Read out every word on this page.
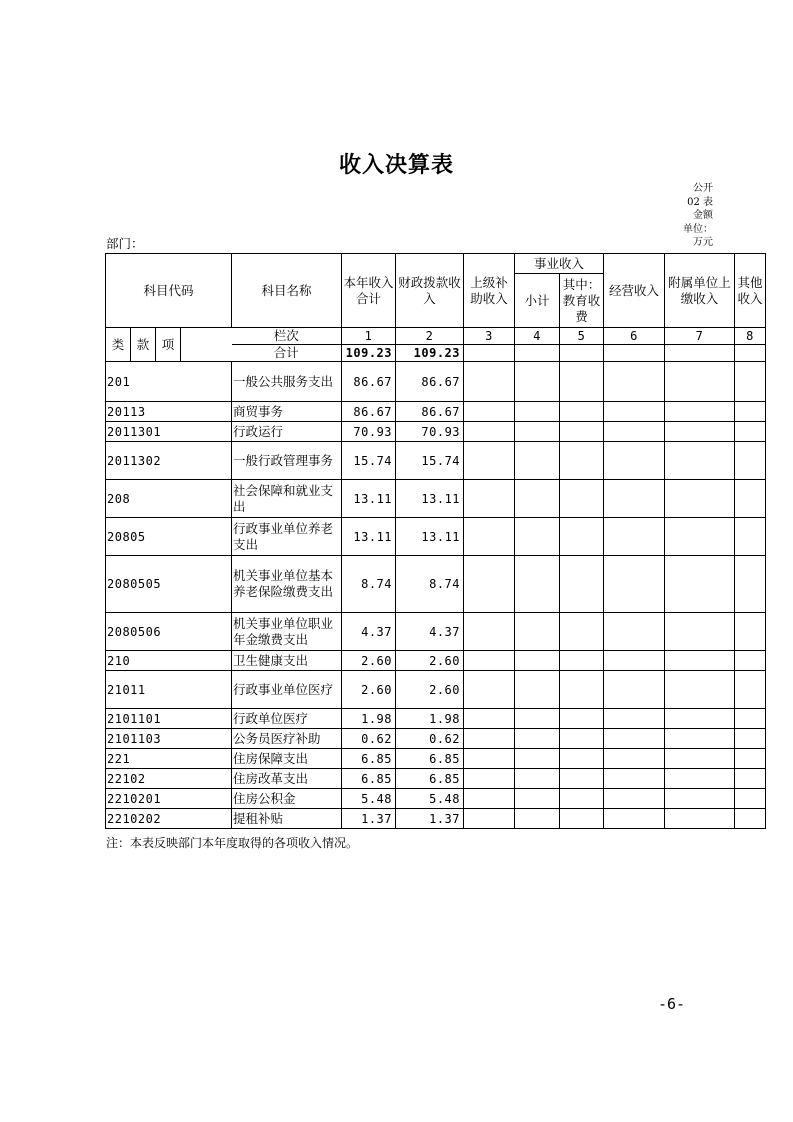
收入决算表
公开
02 表
金额
单位：
万元
部门：
科目代码				科目名称	本年收入合计	财政拨款收入	上级补助收入	事业收入		经营收入	附属单位上缴收入	其他收入
								小计	其中：教育收费			
类	款	项		栏次	1	2	3	4	5	6	7	8
				合计	109.23	109.23						
201				一般公共服务支出	86.67	86.67						
20113				商贸事务	86.67	86.67						
2011301				行政运行	70.93	70.93						
2011302				一般行政管理事务	15.74	15.74						
208				社会保障和就业支出	13.11	13.11						
20805				行政事业单位养老支出	13.11	13.11						
2080505				机关事业单位基本养老保险缴费支出	8.74	8.74						
2080506				机关事业单位职业年金缴费支出	4.37	4.37						
210				卫生健康支出	2.60	2.60						
21011				行政事业单位医疗	2.60	2.60						
2101101				行政单位医疗	1.98	1.98						
2101103				公务员医疗补助	0.62	0.62						
221				住房保障支出	6.85	6.85						
22102				住房改革支出	6.85	6.85						
2210201				住房公积金	5.48	5.48						
2210202				提租补贴	1.37	1.37						
注：本表反映部门本年度取得的各项收入情况。
-6-
